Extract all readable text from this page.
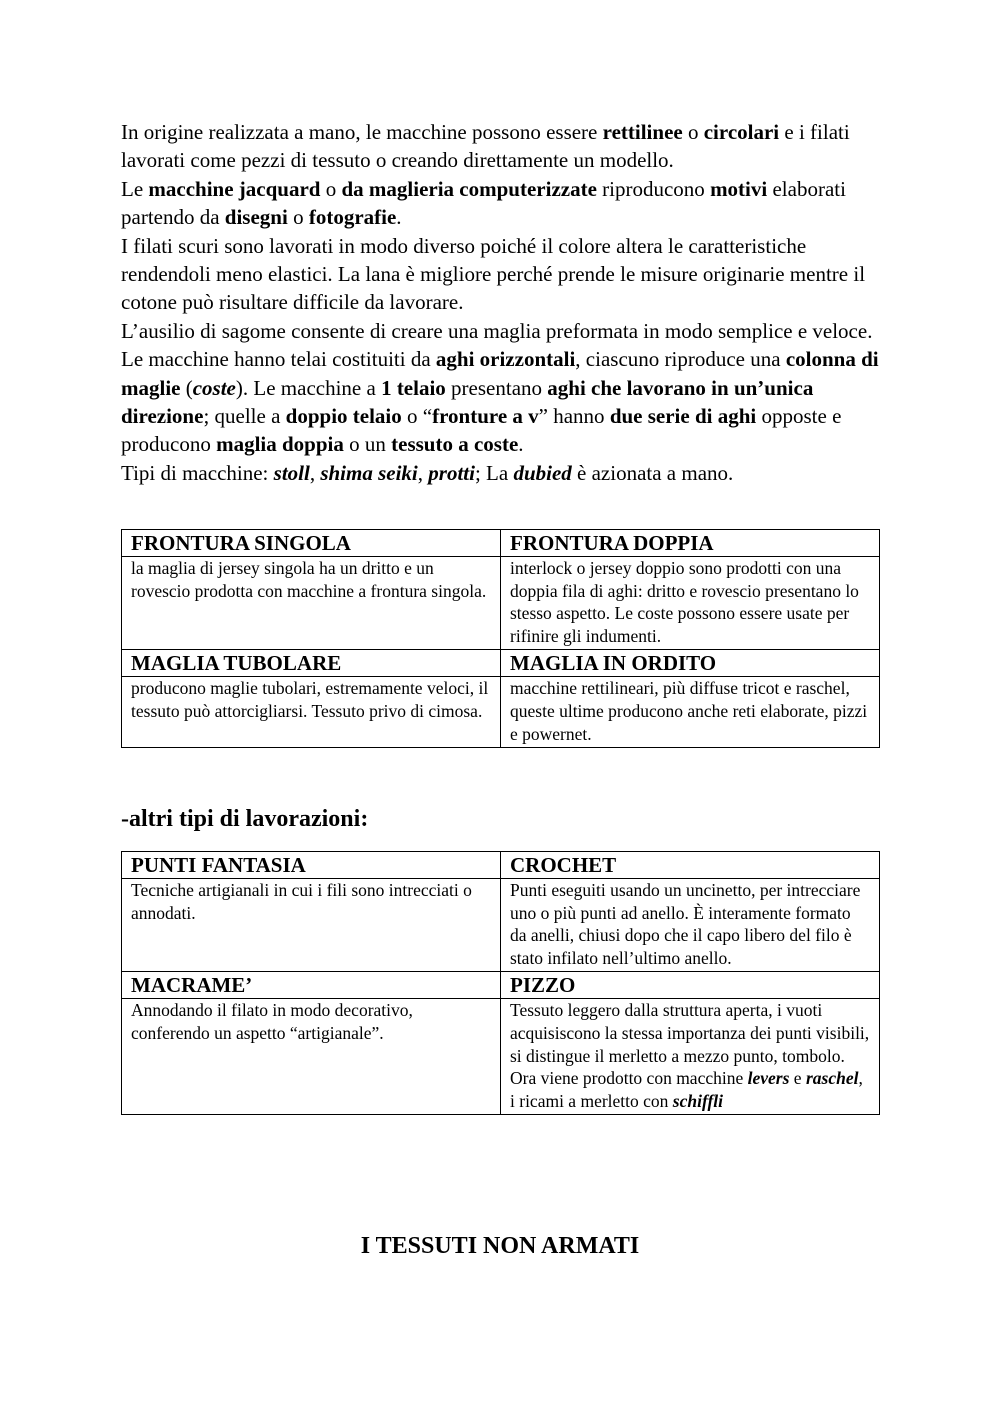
In origine realizzata a mano, le macchine possono essere rettilinee o circolari e i filati lavorati come pezzi di tessuto o creando direttamente un modello.

Le macchine jacquard o da maglieria computerizzate riproducono motivi elaborati partendo da disegni o fotografie.

I filati scuri sono lavorati in modo diverso poiché il colore altera le caratteristiche rendendoli meno elastici. La lana è migliore perché prende le misure originarie mentre il cotone può risultare difficile da lavorare.

L’ausilio di sagome consente di creare una maglia preformata in modo semplice e veloce.

Le macchine hanno telai costituiti da aghi orizzontali, ciascuno riproduce una colonna di maglie (coste). Le macchine a 1 telaio presentano aghi che lavorano in un’unica direzione; quelle a doppio telaio o “fronture a v” hanno due serie di aghi opposte e producono maglia doppia o un tessuto a coste.

Tipi di macchine: stoll, shima seiki, protti; La dubied è azionata a mano.

FRONTURA SINGOLA	FRONTURA DOPPIA
la maglia di jersey singola ha un dritto e un rovescio prodotta con macchine a frontura singola.	interlock o jersey doppio sono prodotti con una doppia fila di aghi: dritto e rovescio presentano lo stesso aspetto. Le coste possono essere usate per rifinire gli indumenti.
MAGLIA TUBOLARE	MAGLIA IN ORDITO
producono maglie tubolari, estremamente veloci, il tessuto può attorcigliarsi. Tessuto privo di cimosa.	macchine rettilineari, più diffuse tricot e raschel, queste ultime producono anche reti elaborate, pizzi e powernet.
-altri tipi di lavorazioni:
PUNTI FANTASIA	CROCHET
Tecniche artigianali in cui i fili sono intrecciati o annodati.	Punti eseguiti usando un uncinetto, per intrecciare uno o più punti ad anello. È interamente formato da anelli, chiusi dopo che il capo libero del filo è stato infilato nell’ultimo anello.
MACRAME’	PIZZO
Annodando il filato in modo decorativo, conferendo un aspetto “artigianale”.	Tessuto leggero dalla struttura aperta, i vuoti acquisiscono la stessa importanza dei punti visibili, si distingue il merletto a mezzo punto, tombolo. Ora viene prodotto con macchine levers e raschel, i ricami a merletto con schiffli
I TESSUTI NON ARMATI
